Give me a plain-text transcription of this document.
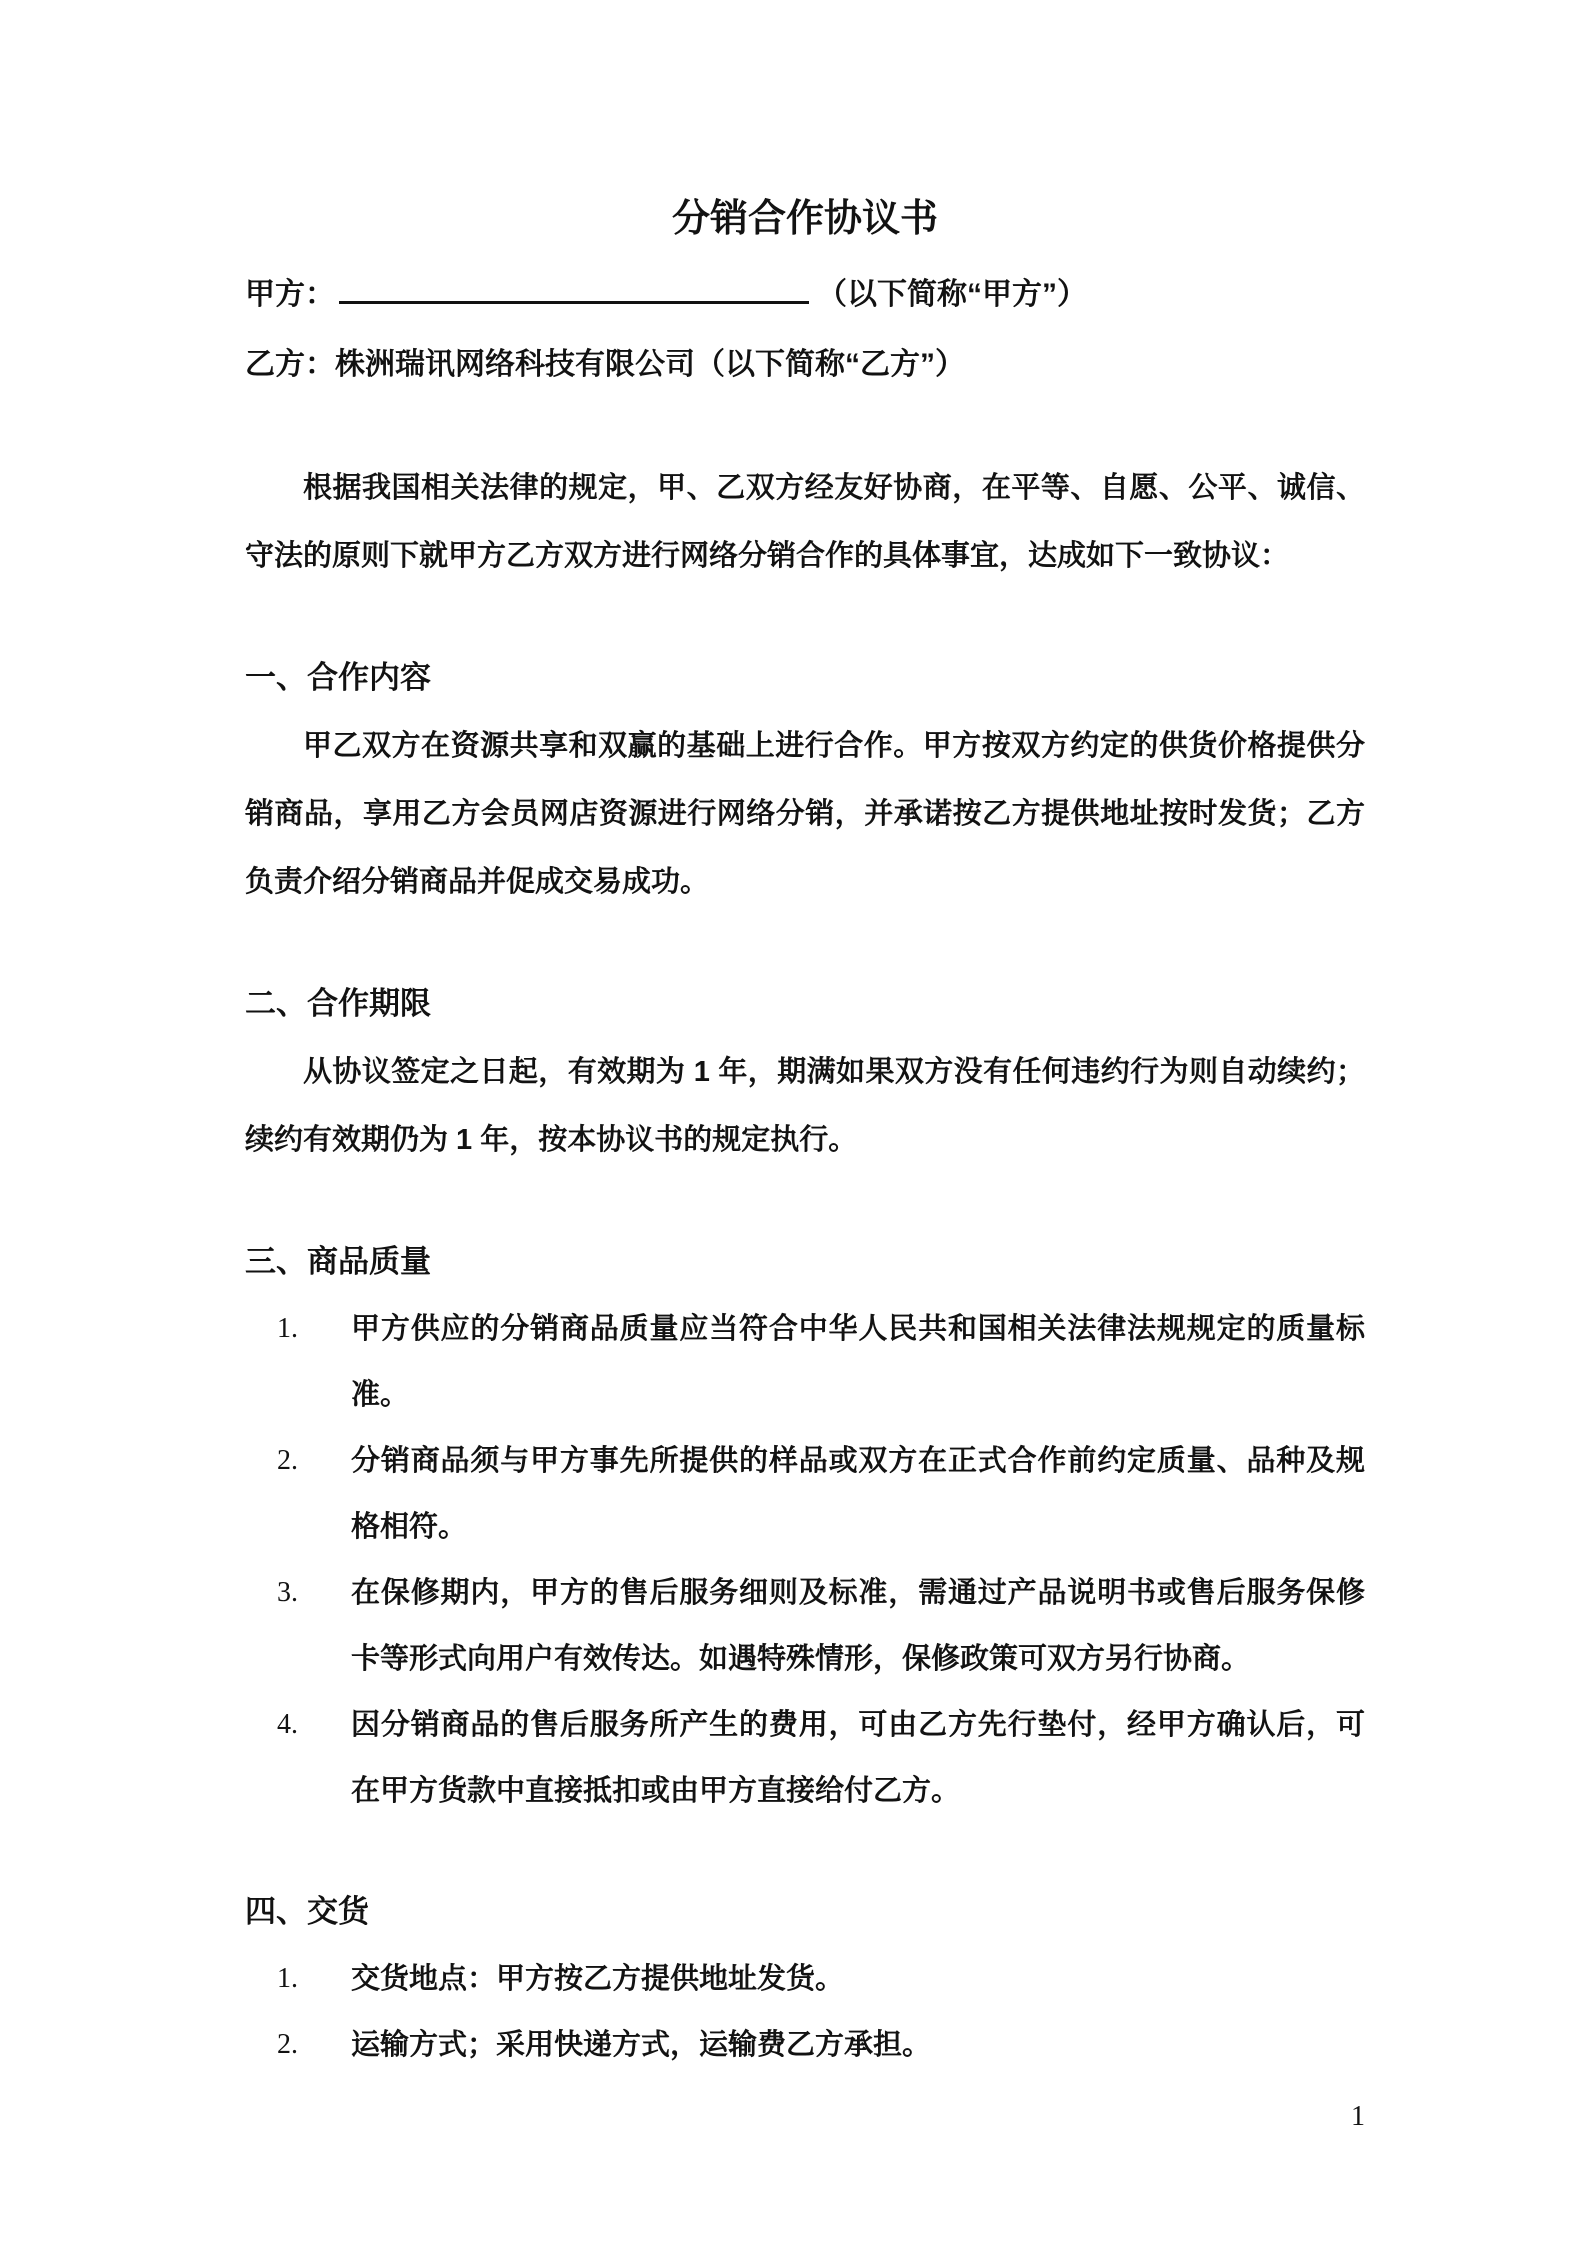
分销合作协议书
甲方：	（以下简称“甲方”）
乙方：株洲瑞讯网络科技有限公司（以下简称“乙方”）

根据我国相关法律的规定，甲、乙双方经友好协商，在平等、自愿、公平、诚信、守法的原则下就甲方乙方双方进行网络分销合作的具体事宜，达成如下一致协议：

一、合作内容

甲乙双方在资源共享和双赢的基础上进行合作。甲方按双方约定的供货价格提供分销商品，享用乙方会员网店资源进行网络分销，并承诺按乙方提供地址按时发货；乙方负责介绍分销商品并促成交易成功。

二、合作期限

从协议签定之日起，有效期为 1 年，期满如果双方没有任何违约行为则自动续约；续约有效期仍为 1 年，按本协议书的规定执行。

三、商品质量
1.	甲方供应的分销商品质量应当符合中华人民共和国相关法律法规规定的质量标准。
2.	分销商品须与甲方事先所提供的样品或双方在正式合作前约定质量、品种及规格相符。
3.	在保修期内，甲方的售后服务细则及标准，需通过产品说明书或售后服务保修卡等形式向用户有效传达。如遇特殊情形，保修政策可双方另行协商。
4.	因分销商品的售后服务所产生的费用，可由乙方先行垫付，经甲方确认后，可在甲方货款中直接抵扣或由甲方直接给付乙方。
四、交货
1.	交货地点：甲方按乙方提供地址发货。
2.	运输方式；采用快递方式，运输费乙方承担。
1
